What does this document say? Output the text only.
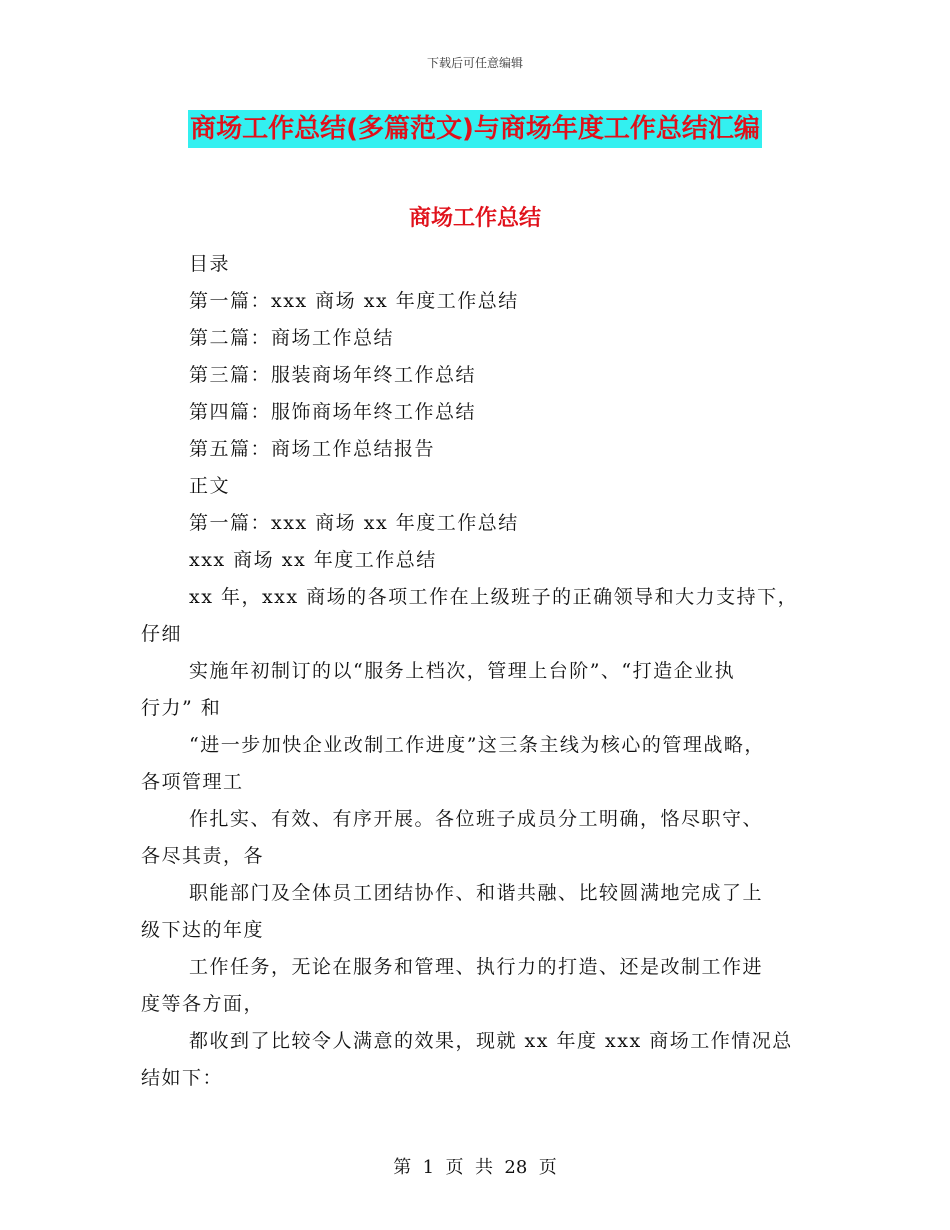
下载后可任意编辑
商场工作总结(多篇范文)与商场年度工作总结汇编
商场工作总结
目录
第一篇：xxx 商场 xx 年度工作总结
第二篇：商场工作总结
第三篇：服装商场年终工作总结
第四篇：服饰商场年终工作总结
第五篇：商场工作总结报告
正文
第一篇：xxx 商场 xx 年度工作总结
xxx 商场 xx 年度工作总结
xx 年，xxx 商场的各项工作在上级班子的正确领导和大力支持下，
仔细
实施年初制订的以“服务上档次，管理上台阶”、“打造企业执
行力” 和
“进一步加快企业改制工作进度”这三条主线为核心的管理战略，
各项管理工
作扎实、有效、有序开展。各位班子成员分工明确，恪尽职守、
各尽其责，各
职能部门及全体员工团结协作、和谐共融、比较圆满地完成了上
级下达的年度
工作任务，无论在服务和管理、执行力的打造、还是改制工作进
度等各方面，
都收到了比较令人满意的效果，现就 xx 年度 xxx 商场工作情况总
结如下：
第  1  页  共  28  页
